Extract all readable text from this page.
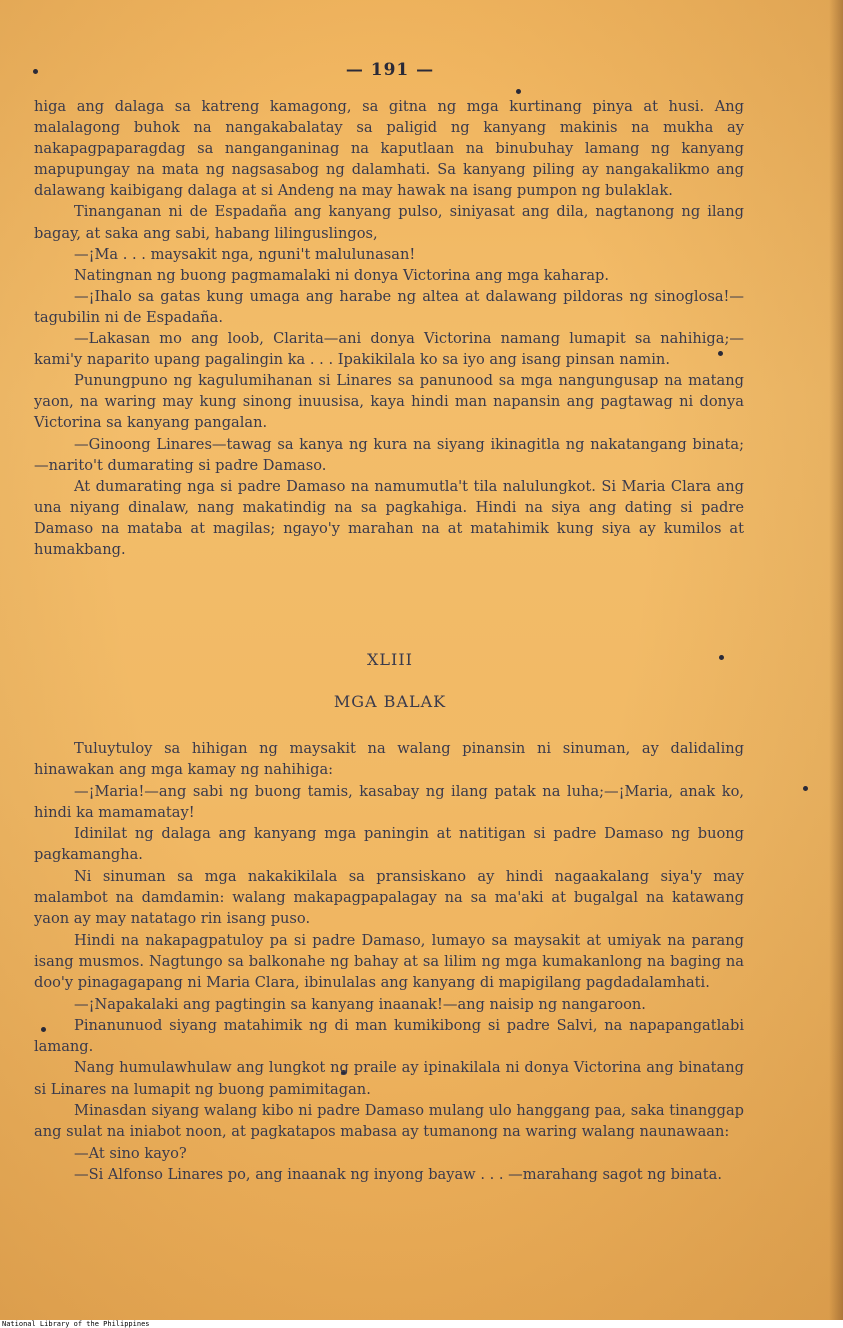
— 191 —

higa ang dalaga sa katreng kamagong, sa gitna ng mga kurtinang pinya at husi. Ang malalagong buhok na nangakabalatay sa paligid ng kanyang makinis na mukha ay nakapagpaparagdag sa nanganganinag na kaputlaan na binubuhay lamang ng kanyang mapupungay na mata ng nagsasabog ng dalamhati. Sa kanyang piling ay nangakalikmo ang dalawang kaibigang dalaga at si Andeng na may hawak na isang pumpon ng bulaklak.

Tinanganan ni de Espadaña ang kanyang pulso, siniyasat ang dila, nagtanong ng ilang bagay, at saka ang sabi, habang lilinguslingos,

—¡Ma . . . maysakit nga, nguni't malulunasan!

Natingnan ng buong pagmamalaki ni donya Victorina ang mga kaharap.

—¡Ihalo sa gatas kung umaga ang harabe ng altea at dalawang pildoras ng sinoglosa!—tagubilin ni de Espadaña.

—Lakasan mo ang loob, Clarita—ani donya Victorina namang lumapit sa nahihiga;—kami'y naparito upang pagalingin ka . . . Ipakikilala ko sa iyo ang isang pinsan namin.

Punungpuno ng kagulumihanan si Linares sa panunood sa mga nangungusap na matang yaon, na waring may kung sinong inuusisa, kaya hindi man napansin ang pagtawag ni donya Victorina sa kanyang pangalan.

—Ginoong Linares—tawag sa kanya ng kura na siyang ikinagitla ng nakatangang binata;—narito't dumarating si padre Damaso.

At dumarating nga si padre Damaso na namumutla't tila nalulungkot. Si Maria Clara ang una niyang dinalaw, nang makatindig na sa pagkahiga. Hindi na siya ang dating si padre Damaso na mataba at magilas; ngayo'y marahan na at matahimik kung siya ay kumilos at humakbang.

XLIII
MGA BALAK

Tuluytuloy sa hihigan ng maysakit na walang pinansin ni sinuman, ay dalidaling hinawakan ang mga kamay ng nahihiga:

—¡Maria!—ang sabi ng buong tamis, kasabay ng ilang patak na luha;—¡Maria, anak ko, hindi ka mamamatay!

Idinilat ng dalaga ang kanyang mga paningin at natitigan si padre Damaso ng buong pagkamangha.

Ni sinuman sa mga nakakikilala sa pransiskano ay hindi nagaakalang siya'y may malambot na damdamin: walang makapagpapalagay na sa ma'aki at bugalgal na katawang yaon ay may natatago rin isang puso.

Hindi na nakapagpatuloy pa si padre Damaso, lumayo sa maysakit at umiyak na parang isang musmos. Nagtungo sa balkonahe ng bahay at sa lilim ng mga kumakanlong na baging na doo'y pinagagapang ni Maria Clara, ibinulalas ang kanyang di mapigilang pagdadalamhati.

—¡Napakalaki ang pagtingin sa kanyang inaanak!—ang naisip ng nangaroon.

Pinanunuod siyang matahimik ng di man kumikibong si padre Salvi, na napapangatlabi lamang.

Nang humulawhulaw ang lungkot ng praile ay ipinakilala ni donya Victorina ang binatang si Linares na lumapit ng buong pamimitagan.

Minasdan siyang walang kibo ni padre Damaso mulang ulo hanggang paa, saka tinanggap ang sulat na iniabot noon, at pagkatapos mabasa ay tumanong na waring walang naunawaan:

—At sino kayo?

—Si Alfonso Linares po, ang inaanak ng inyong bayaw . . . —marahang sagot ng binata.

National Library of the Philippines
